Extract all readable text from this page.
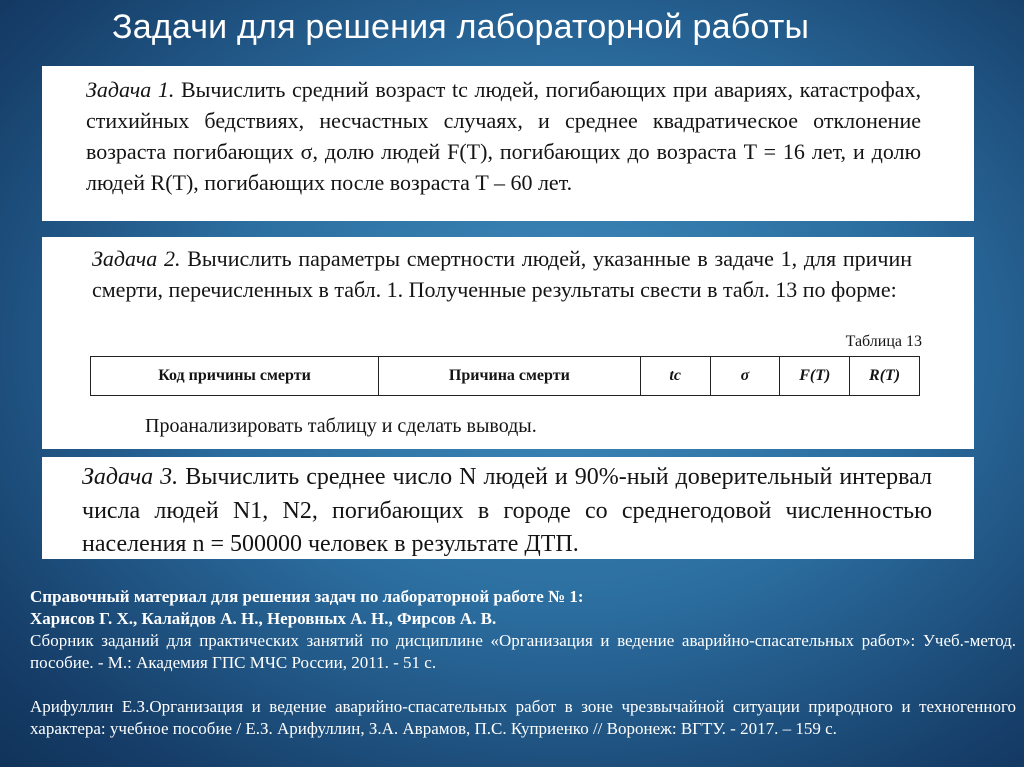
Задачи для решения лабораторной работы
Задача 1. Вычислить средний возраст tc людей, погибающих при авариях, катастрофах, стихийных бедствиях, несчастных случаях, и среднее квадратическое отклонение возраста погибающих σ, долю людей F(T), погибающих до возраста T = 16 лет, и долю людей R(T), погибающих после возраста T – 60 лет.
Задача 2. Вычислить параметры смертности людей, указанные в задаче 1, для причин смерти, перечисленных в табл. 1. Полученные результаты свести в табл. 13 по форме:
Таблица 13
Код причины смерти	Причина смерти	tc	σ	F(T)	R(T)
Проанализировать таблицу и сделать выводы.
Задача 3. Вычислить среднее число N людей и 90%-ный доверительный интервал числа людей N1, N2, погибающих в городе со среднегодовой численностью населения n = 500000 человек в результате ДТП.

Справочный материал для решения задач по лабораторной работе № 1:

Харисов Г. Х., Калайдов А. Н., Неровных А. Н., Фирсов А. В.

Сборник заданий для практических занятий по дисциплине «Организация и ведение аварийно-спасательных работ»: Учеб.-метод. пособие. - М.: Академия ГПС МЧС России, 2011. - 51 с.

Арифуллин Е.З.Организация и ведение аварийно-спасательных работ в зоне чрезвычайной ситуации природного и техногенного характера: учебное пособие / Е.З. Арифуллин, З.А. Аврамов, П.С. Куприенко // Воронеж: ВГТУ. - 2017. – 159 с.
